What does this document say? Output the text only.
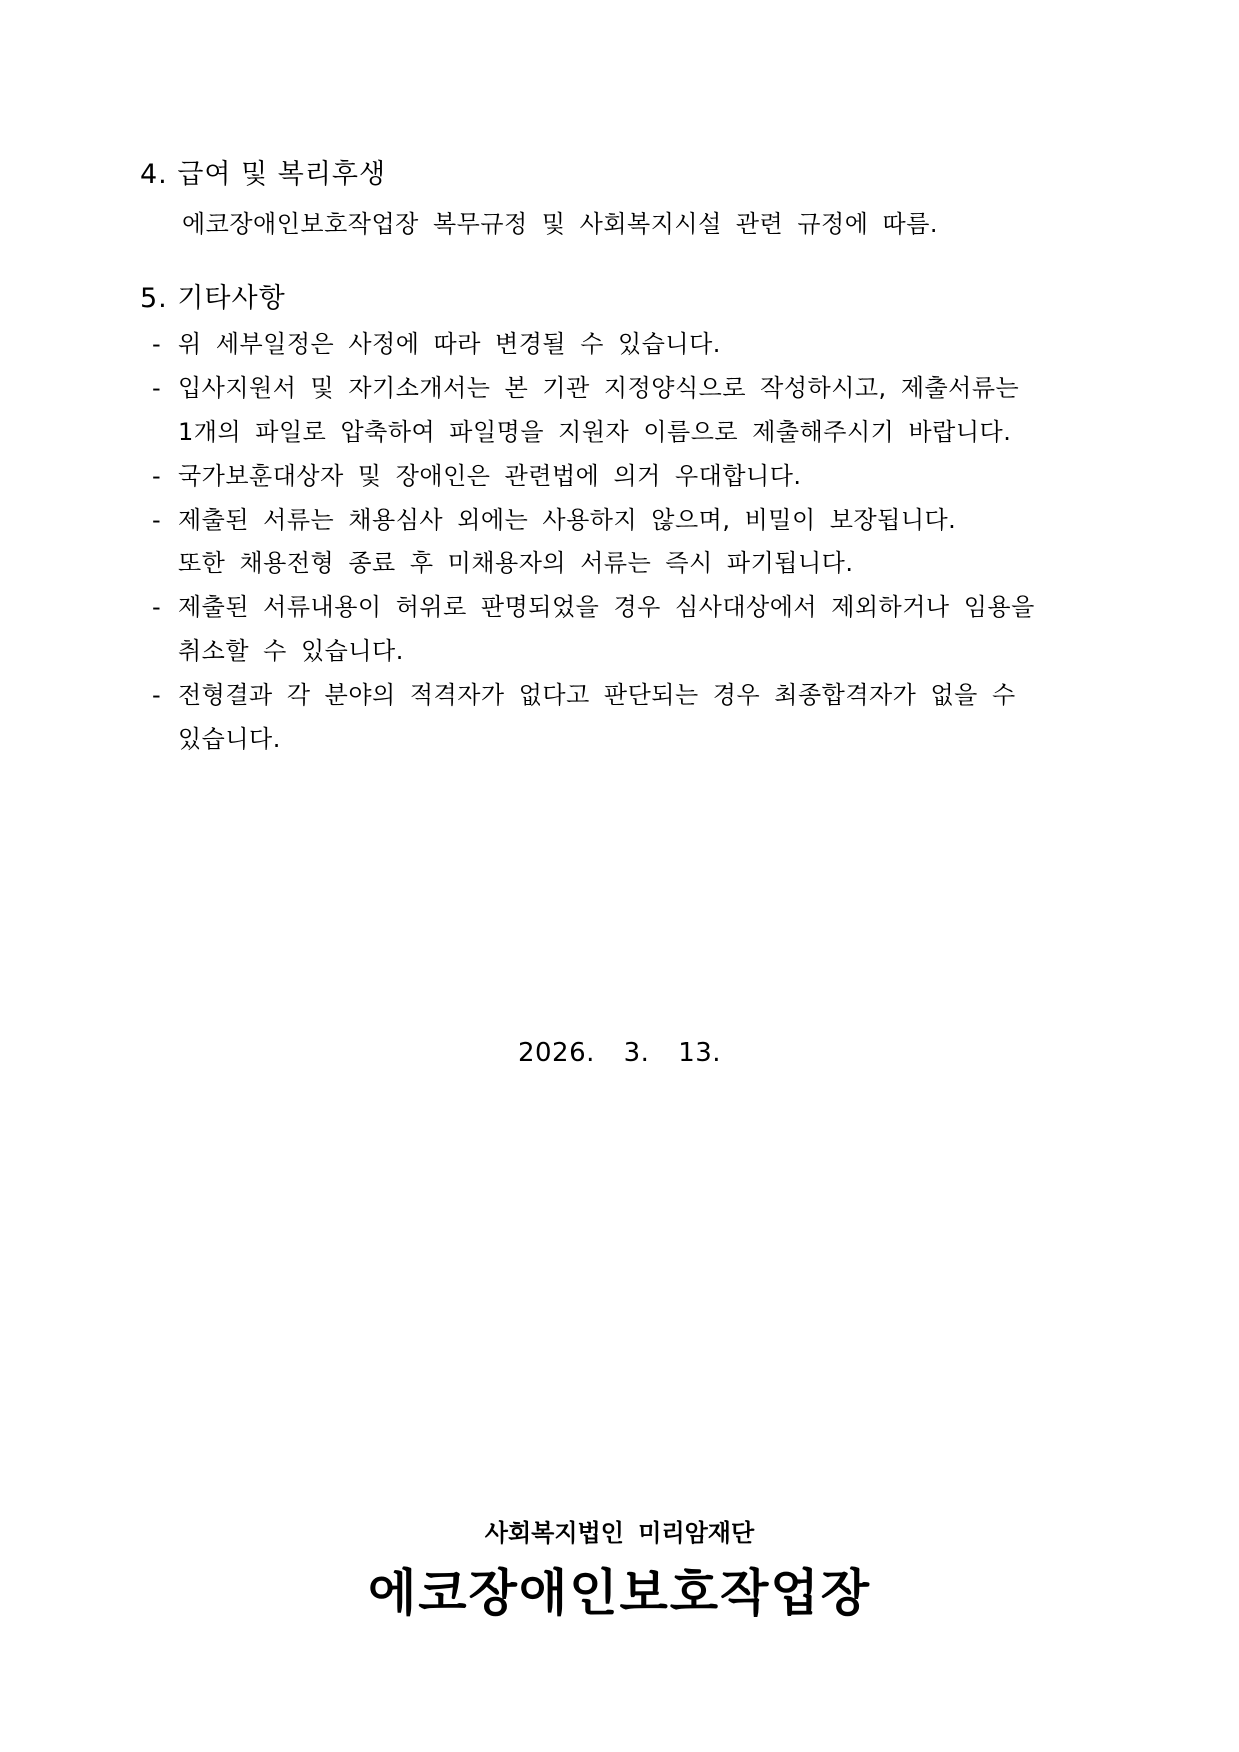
4. 급여 및 복리후생

에코장애인보호작업장 복무규정 및 사회복지시설 관련 규정에 따름.

5. 기타사항

- 위 세부일정은 사정에 따라 변경될 수 있습니다.

- 입사지원서 및 자기소개서는 본 기관 지정양식으로 작성하시고, 제출서류는

1개의 파일로 압축하여 파일명을 지원자 이름으로 제출해주시기 바랍니다.

- 국가보훈대상자 및 장애인은 관련법에 의거 우대합니다.

- 제출된 서류는 채용심사 외에는 사용하지 않으며, 비밀이 보장됩니다.

또한 채용전형 종료 후 미채용자의 서류는 즉시 파기됩니다.

- 제출된 서류내용이 허위로 판명되었을 경우 심사대상에서 제외하거나 임용을

취소할 수 있습니다.

- 전형결과 각 분야의 적격자가 없다고 판단되는 경우 최종합격자가 없을 수

있습니다.

2026. 3. 13.
사회복지법인 미리암재단
에코장애인보호작업장
